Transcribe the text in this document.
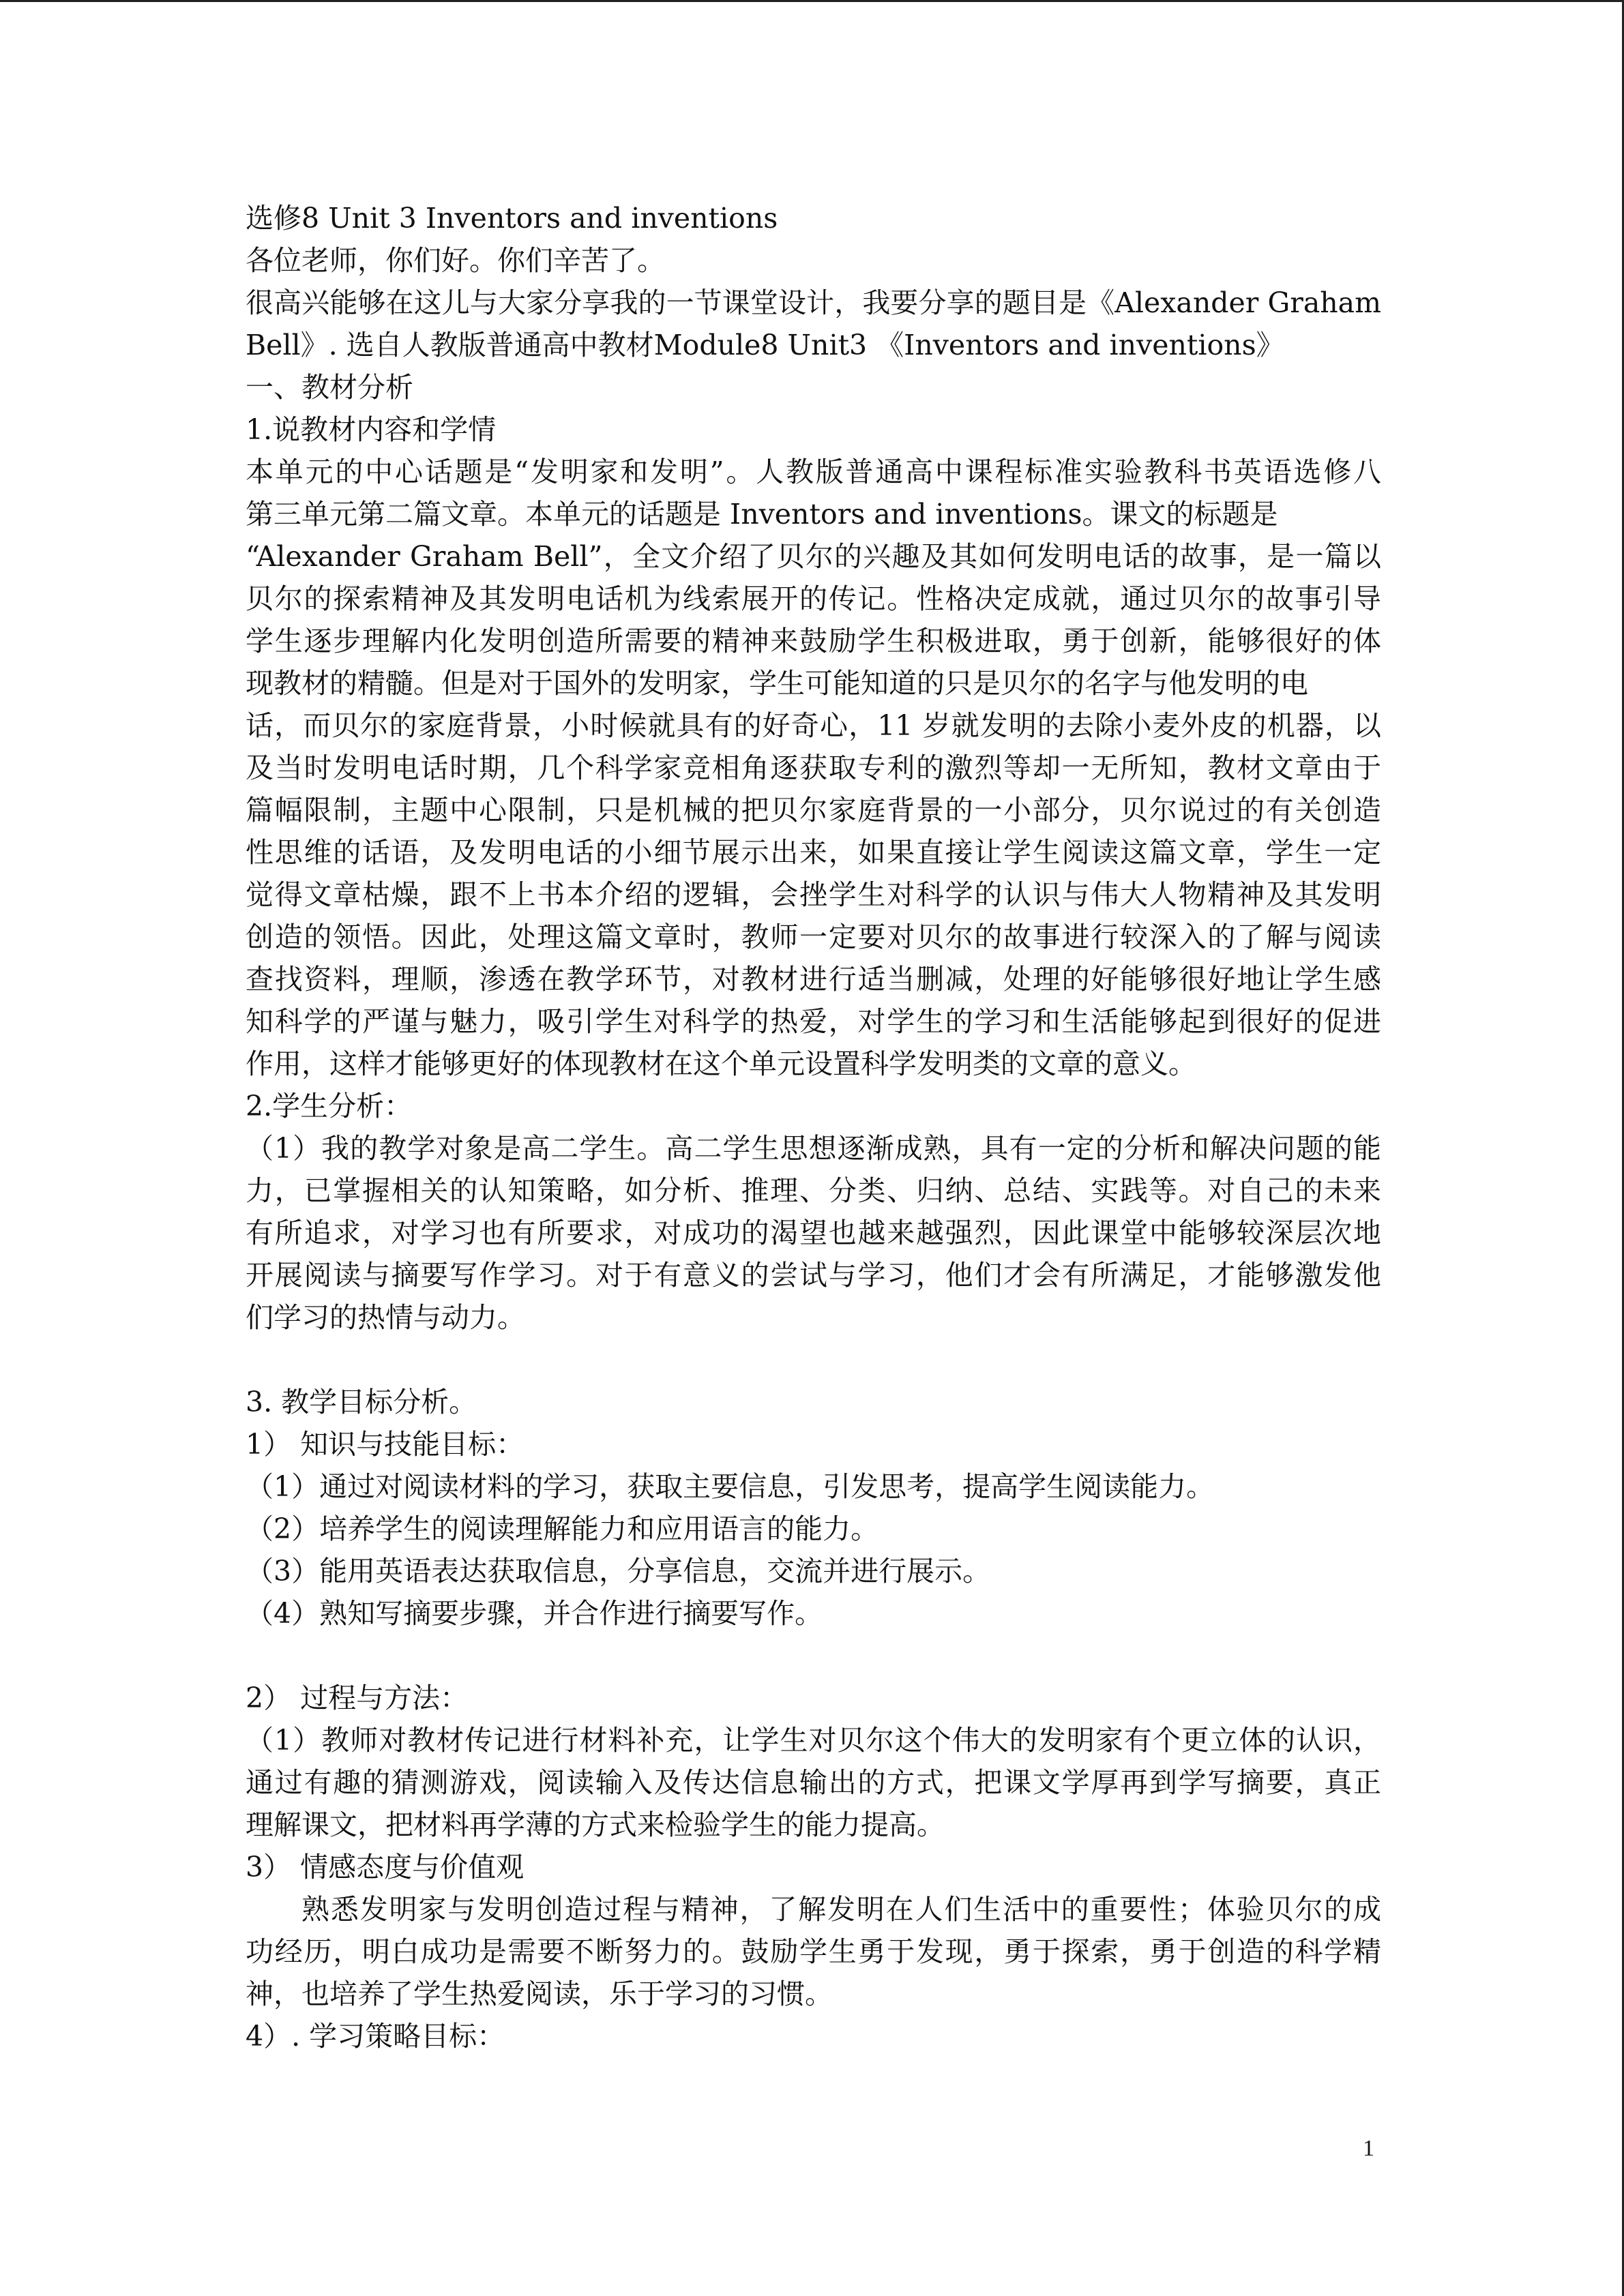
选修8 Unit 3 Inventors and inventions
各位老师，你们好。你们辛苦了。
很高兴能够在这儿与大家分享我的一节课堂设计，我要分享的题目是《Alexander Graham
Bell》. 选自人教版普通高中教材Module8 Unit3 《Inventors and inventions》
一、教材分析
1.说教材内容和学情
本单元的中心话题是“发明家和发明”。人教版普通高中课程标准实验教科书英语选修八
第三单元第二篇文章。本单元的话题是 Inventors and inventions。课文的标题是
“Alexander Graham Bell”，全文介绍了贝尔的兴趣及其如何发明电话的故事，是一篇以
贝尔的探索精神及其发明电话机为线索展开的传记。性格决定成就，通过贝尔的故事引导
学生逐步理解内化发明创造所需要的精神来鼓励学生积极进取，勇于创新，能够很好的体
现教材的精髓。但是对于国外的发明家，学生可能知道的只是贝尔的名字与他发明的电
话，而贝尔的家庭背景，小时候就具有的好奇心，11 岁就发明的去除小麦外皮的机器，以
及当时发明电话时期，几个科学家竞相角逐获取专利的激烈等却一无所知，教材文章由于
篇幅限制，主题中心限制，只是机械的把贝尔家庭背景的一小部分，贝尔说过的有关创造
性思维的话语，及发明电话的小细节展示出来，如果直接让学生阅读这篇文章，学生一定
觉得文章枯燥，跟不上书本介绍的逻辑，会挫学生对科学的认识与伟大人物精神及其发明
创造的领悟。因此，处理这篇文章时，教师一定要对贝尔的故事进行较深入的了解与阅读
查找资料，理顺，渗透在教学环节，对教材进行适当删减，处理的好能够很好地让学生感
知科学的严谨与魅力，吸引学生对科学的热爱，对学生的学习和生活能够起到很好的促进
作用，这样才能够更好的体现教材在这个单元设置科学发明类的文章的意义。
2.学生分析：
（1）我的教学对象是高二学生。高二学生思想逐渐成熟，具有一定的分析和解决问题的能
力，已掌握相关的认知策略，如分析、推理、分类、归纳、总结、实践等。对自己的未来
有所追求，对学习也有所要求，对成功的渴望也越来越强烈，因此课堂中能够较深层次地
开展阅读与摘要写作学习。对于有意义的尝试与学习，他们才会有所满足，才能够激发他
们学习的热情与动力。
3. 教学目标分析。
1） 知识与技能目标：
（1）通过对阅读材料的学习，获取主要信息，引发思考，提高学生阅读能力。
（2）培养学生的阅读理解能力和应用语言的能力。
（3）能用英语表达获取信息，分享信息，交流并进行展示。
（4）熟知写摘要步骤，并合作进行摘要写作。
2） 过程与方法：
（1）教师对教材传记进行材料补充，让学生对贝尔这个伟大的发明家有个更立体的认识，
通过有趣的猜测游戏，阅读输入及传达信息输出的方式，把课文学厚再到学写摘要，真正
理解课文，把材料再学薄的方式来检验学生的能力提高。
3） 情感态度与价值观
熟悉发明家与发明创造过程与精神，了解发明在人们生活中的重要性；体验贝尔的成
功经历，明白成功是需要不断努力的。鼓励学生勇于发现，勇于探索，勇于创造的科学精
神，也培养了学生热爱阅读，乐于学习的习惯。
4）. 学习策略目标：
1
